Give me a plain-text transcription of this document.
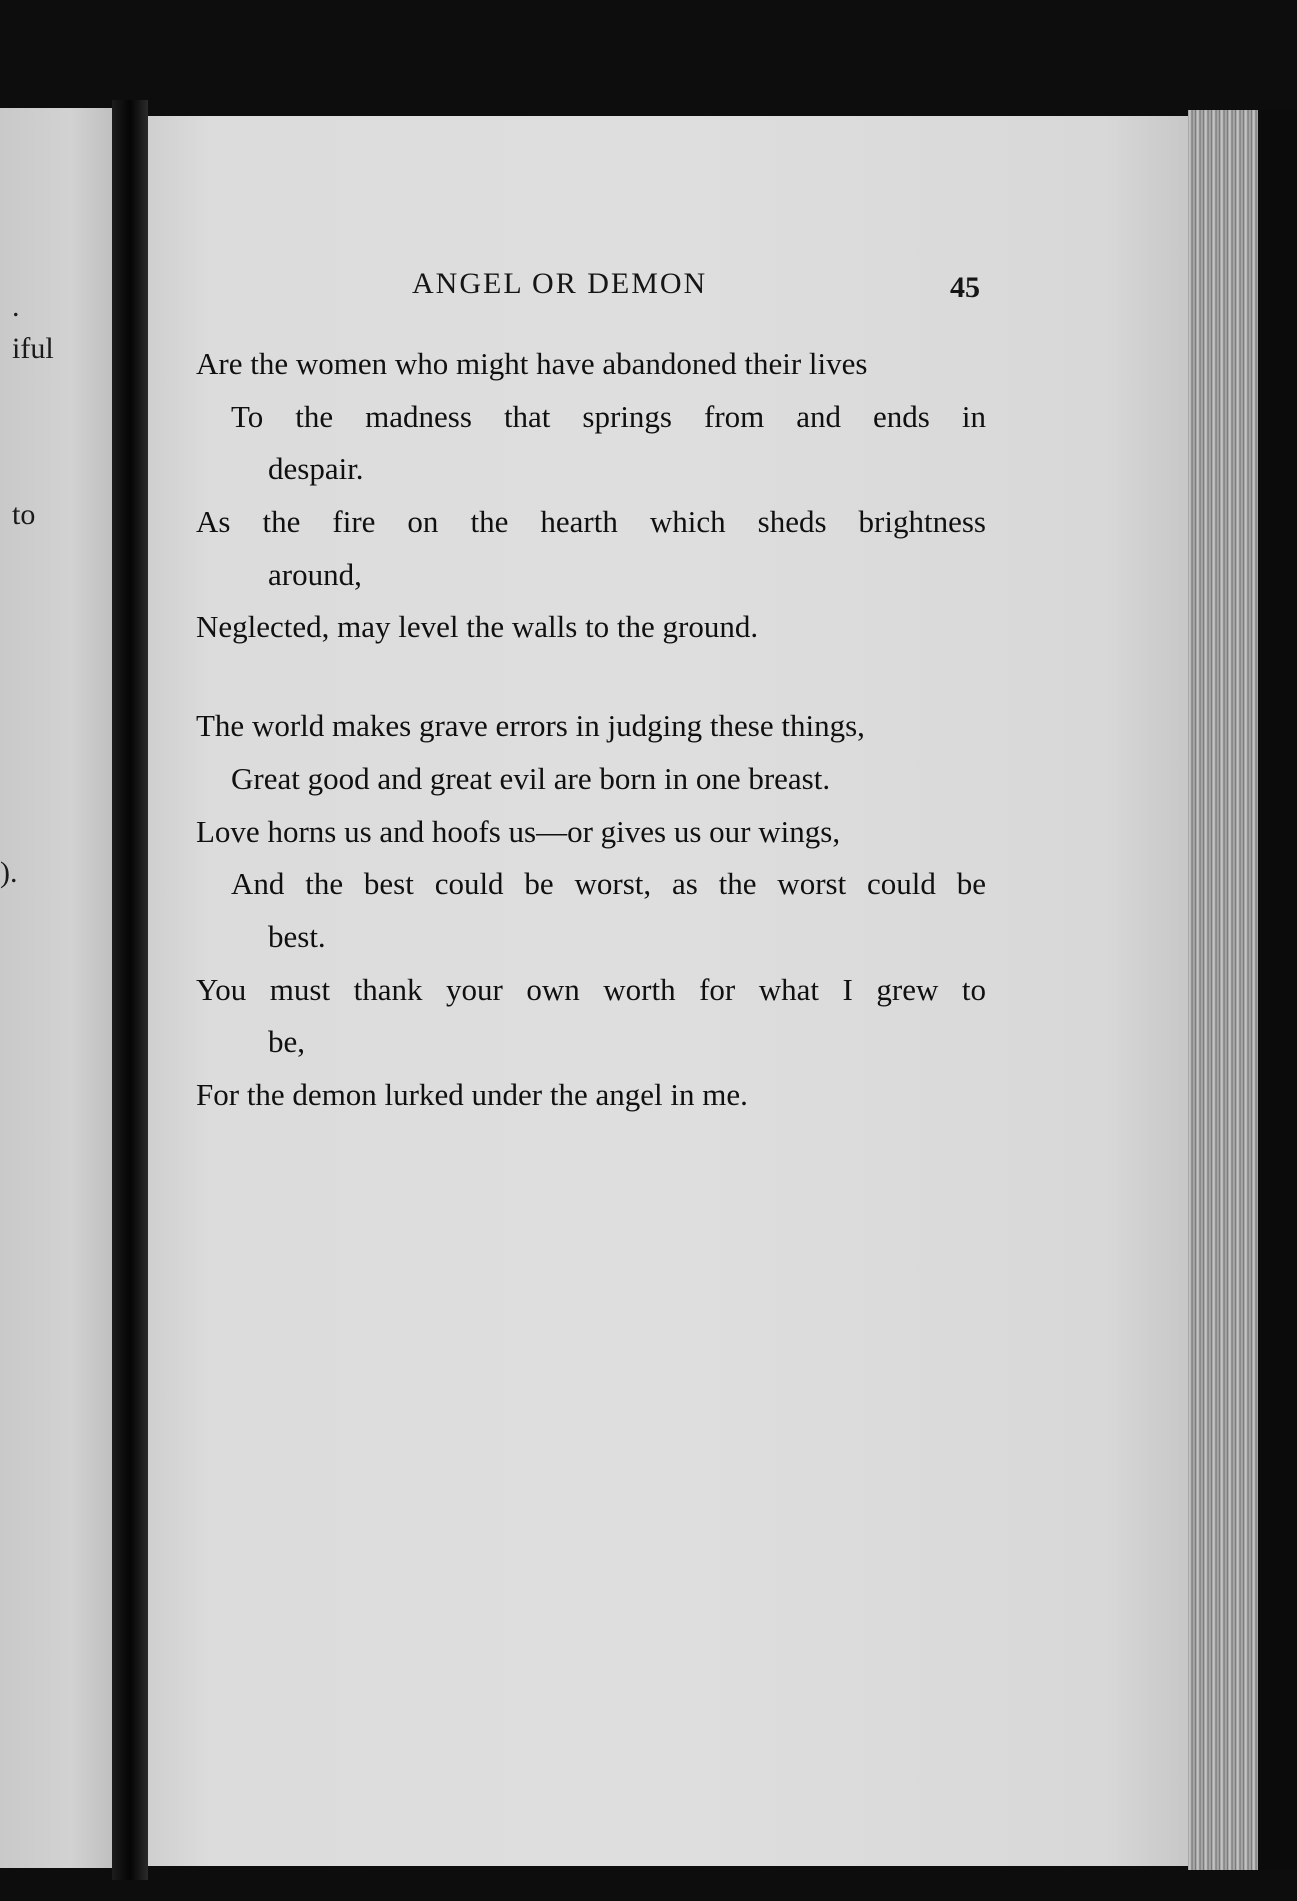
.
iful
to
).
ANGEL OR DEMON	45
Are the women who might have abandoned their lives
To the madness that springs from and ends in
despair.
As the fire on the hearth which sheds brightness
around,
Neglected, may level the walls to the ground.
The world makes grave errors in judging these things,
Great good and great evil are born in one breast.
Love horns us and hoofs us—or gives us our wings,
And the best could be worst, as the worst could be
best.
You must thank your own worth for what I grew to
be,
For the demon lurked under the angel in me.
